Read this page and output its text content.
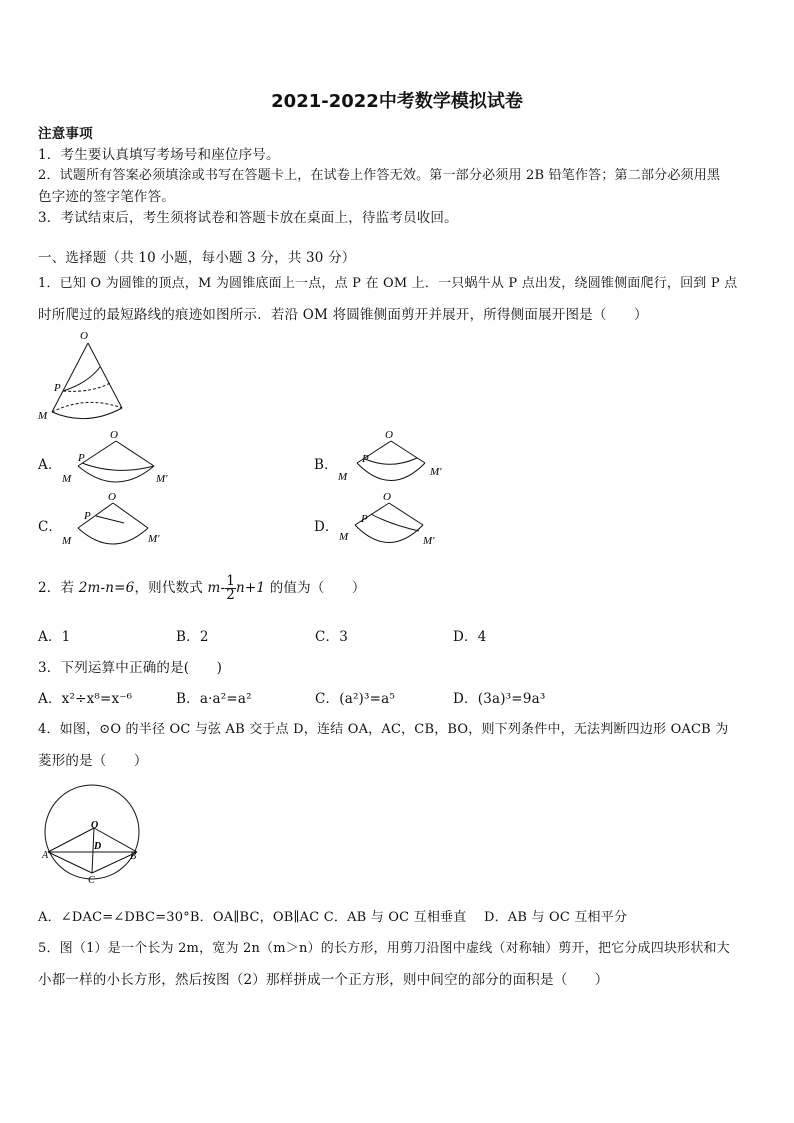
2021-2022中考数学模拟试卷
注意事项
1．考生要认真填写考场号和座位序号。
2．试题所有答案必须填涂或书写在答题卡上，在试卷上作答无效。第一部分必须用 2B 铅笔作答；第二部分必须用黑
色字迹的签字笔作答。
3．考试结束后，考生须将试卷和答题卡放在桌面上，待监考员收回。
一、选择题（共 10 小题，每小题 3 分，共 30 分）
1．已知 O 为圆锥的顶点，M 为圆锥底面上一点，点 P 在 OM 上．一只蜗牛从 P 点出发，绕圆锥侧面爬行，回到 P 点
时所爬过的最短路线的痕迹如图所示．若沿 OM 将圆锥侧面剪开并展开，所得侧面展开图是（　　）
O
P
M
A．
O
P
M	M'
B．
O
P
M	M'
C．
O
P
M	M'
D．
O
P
M	M'
2．若 2m-n=6，则代数式 $m- \frac{1}{2} n+1$ 的值为（　　）
A．1	B．2	C．3	D．4
3．下列运算中正确的是(　　)
A．x²÷x⁸=x⁻⁶	B．a·a²=a²	C．(a²)³=a⁵	D．(3a)³=9a³
4．如图，⊙O 的半径 OC 与弦 AB 交于点 D，连结 OA，AC，CB，BO，则下列条件中，无法判断四边形 OACB 为
菱形的是（　　）
O
A	B
C
D
A．∠DAC=∠DBC=30°B．OA∥BC，OB∥AC C．AB 与 OC 互相垂直　 D．AB 与 OC 互相平分
5．图（1）是一个长为 2m，宽为 2n（m＞n）的长方形，用剪刀沿图中虚线（对称轴）剪开，把它分成四块形状和大
小都一样的小长方形，然后按图（2）那样拼成一个正方形，则中间空的部分的面积是（　　）
